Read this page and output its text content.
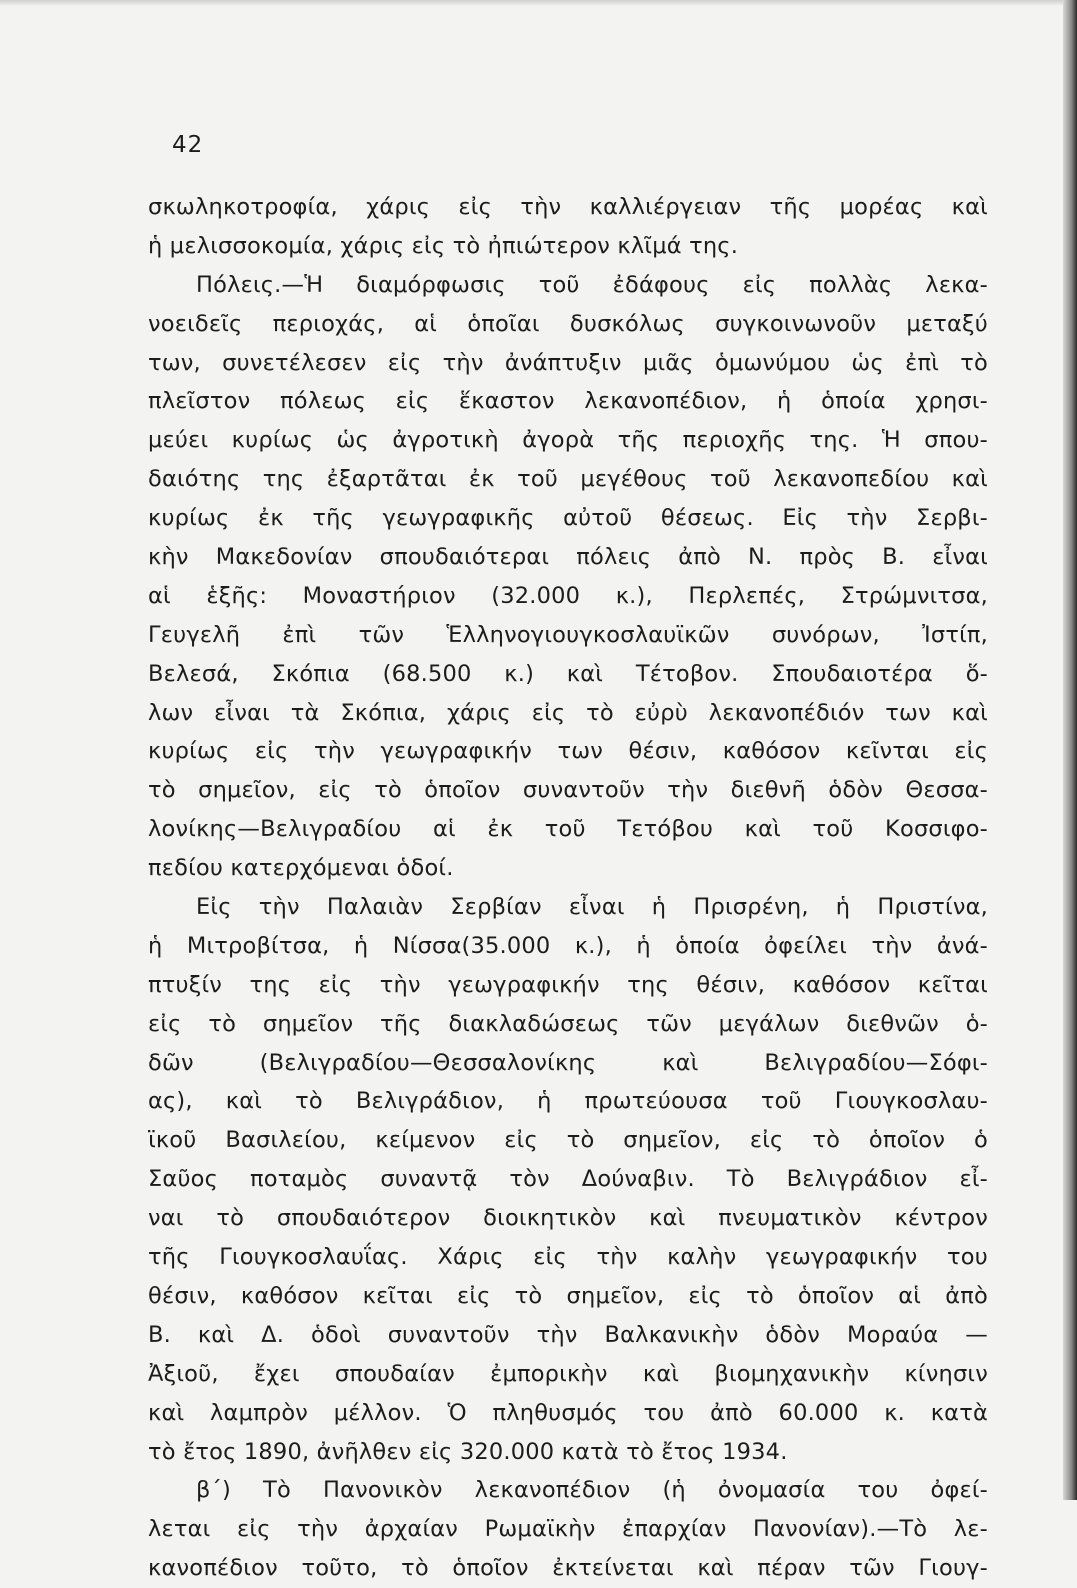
42
σκωληκοτροφία, χάρις εἰς τὴν καλλιέργειαν τῆς μορέας καὶ
ἡ μελισσοκομία, χάρις εἰς τὸ ἠπιώτερον κλῖμά της.
Πόλεις.—Ἡ διαμόρφωσις τοῦ ἐδάφους εἰς πολλὰς λεκα-
νοειδεῖς περιοχάς, αἱ ὁποῖαι δυσκόλως συγκοινωνοῦν μεταξύ
των, συνετέλεσεν εἰς τὴν ἀνάπτυξιν μιᾶς ὁμωνύμου ὡς ἐπὶ τὸ
πλεῖστον πόλεως εἰς ἕκαστον λεκανοπέδιον, ἡ ὁποία χρησι-
μεύει κυρίως ὡς ἀγροτικὴ ἀγορὰ τῆς περιοχῆς της. Ἡ σπου-
δαιότης της ἐξαρτᾶται ἐκ τοῦ μεγέθους τοῦ λεκανοπεδίου καὶ
κυρίως ἐκ τῆς γεωγραφικῆς αὐτοῦ θέσεως. Εἰς τὴν Σερβι-
κὴν Μακεδονίαν σπουδαιότεραι πόλεις ἀπὸ Ν. πρὸς Β. εἶναι
αἱ ἑξῆς: Μοναστήριον (32.000 κ.), Περλεπές, Στρώμνιτσα,
Γευγελῆ ἐπὶ τῶν Ἑλληνογιουγκοσλαυϊκῶν συνόρων, Ἰστίπ,
Βελεσά, Σκόπια (68.500 κ.) καὶ Τέτοβον. Σπουδαιοτέρα ὅ-
λων εἶναι τὰ Σκόπια, χάρις εἰς τὸ εὐρὺ λεκανοπέδιόν των καὶ
κυρίως εἰς τὴν γεωγραφικήν των θέσιν, καθόσον κεῖνται εἰς
τὸ σημεῖον, εἰς τὸ ὁποῖον συναντοῦν τὴν διεθνῆ ὁδὸν Θεσσα-
λονίκης—Βελιγραδίου αἱ ἐκ τοῦ Τετόβου καὶ τοῦ Κοσσιφο-
πεδίου κατερχόμεναι ὁδοί.
Εἰς τὴν Παλαιὰν Σερβίαν εἶναι ἡ Πρισρένη, ἡ Πριστίνα,
ἡ Μιτροβίτσα, ἡ Νίσσα(35.000 κ.), ἡ ὁποία ὀφείλει τὴν ἀνά-
πτυξίν της εἰς τὴν γεωγραφικήν της θέσιν, καθόσον κεῖται
εἰς τὸ σημεῖον τῆς διακλαδώσεως τῶν μεγάλων διεθνῶν ὁ-
δῶν (Βελιγραδίου—Θεσσαλονίκης καὶ Βελιγραδίου—Σόφι-
ας), καὶ τὸ Βελιγράδιον, ἡ πρωτεύουσα τοῦ Γιουγκοσλαυ-
ϊκοῦ Βασιλείου, κείμενον εἰς τὸ σημεῖον, εἰς τὸ ὁποῖον ὁ
Σαῦος ποταμὸς συναντᾷ τὸν Δούναβιν. Τὸ Βελιγράδιον εἶ-
ναι τὸ σπουδαιότερον διοικητικὸν καὶ πνευματικὸν κέντρον
τῆς Γιουγκοσλαυΐας. Χάρις εἰς τὴν καλὴν γεωγραφικήν του
θέσιν, καθόσον κεῖται εἰς τὸ σημεῖον, εἰς τὸ ὁποῖον αἱ ἀπὸ
Β. καὶ Δ. ὁδοὶ συναντοῦν τὴν Βαλκανικὴν ὁδὸν Μοραύα —
Ἀξιοῦ, ἔχει σπουδαίαν ἐμπορικὴν καὶ βιομηχανικὴν κίνησιν
καὶ λαμπρὸν μέλλον. Ὁ πληθυσμός του ἀπὸ 60.000 κ. κατὰ
τὸ ἔτος 1890, ἀνῆλθεν εἰς 320.000 κατὰ τὸ ἔτος 1934.
β΄) Τὸ Πανονικὸν λεκανοπέδιον (ἡ ὀνομασία του ὀφεί-
λεται εἰς τὴν ἀρχαίαν Ρωμαϊκὴν ἐπαρχίαν Πανονίαν).—Τὸ λε-
κανοπέδιον τοῦτο, τὸ ὁποῖον ἐκτείνεται καὶ πέραν τῶν Γιουγ-
